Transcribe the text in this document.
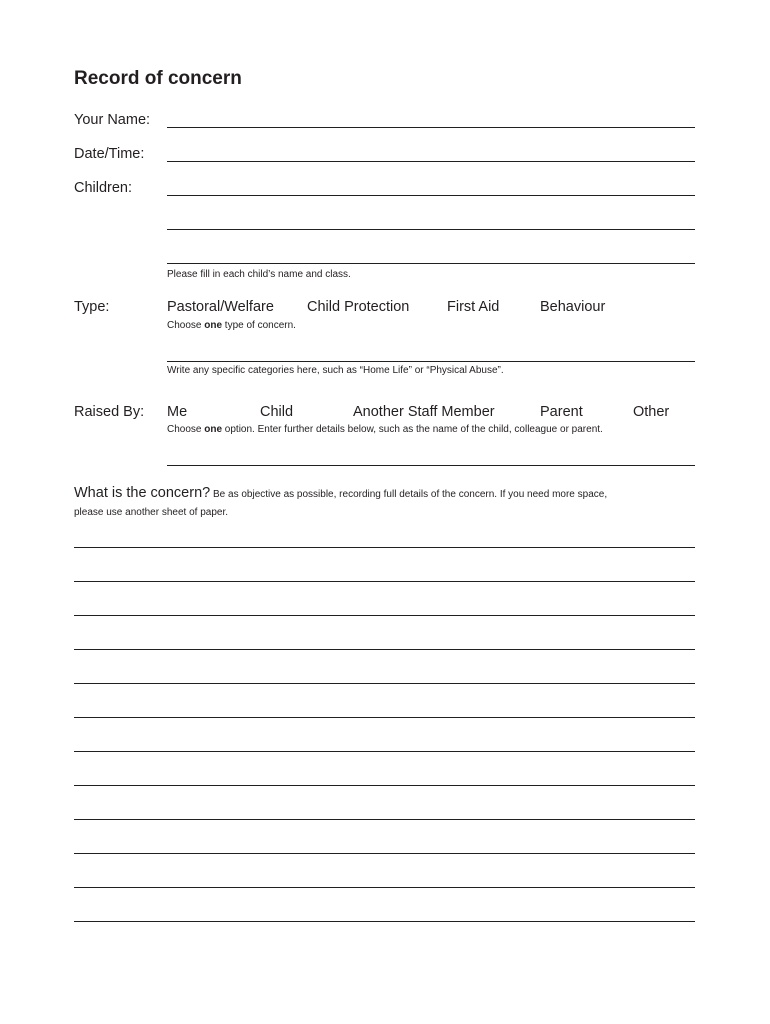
Record of concern
Your Name:
Date/Time:
Children:
Please fill in each child’s name and class.
Type:	Pastoral/Welfare Child Protection	First Aid	Behaviour
Choose one type of concern.
Write any specific categories here, such as “Home Life” or “Physical Abuse”.
Raised By: Me	Child	Another Staff Member	Parent	Other
Choose one option. Enter further details below, such as the name of the child, colleague or parent.
What is the concern? Be as objective as possible, recording full details of the concern. If you need more space,
please use another sheet of paper.
